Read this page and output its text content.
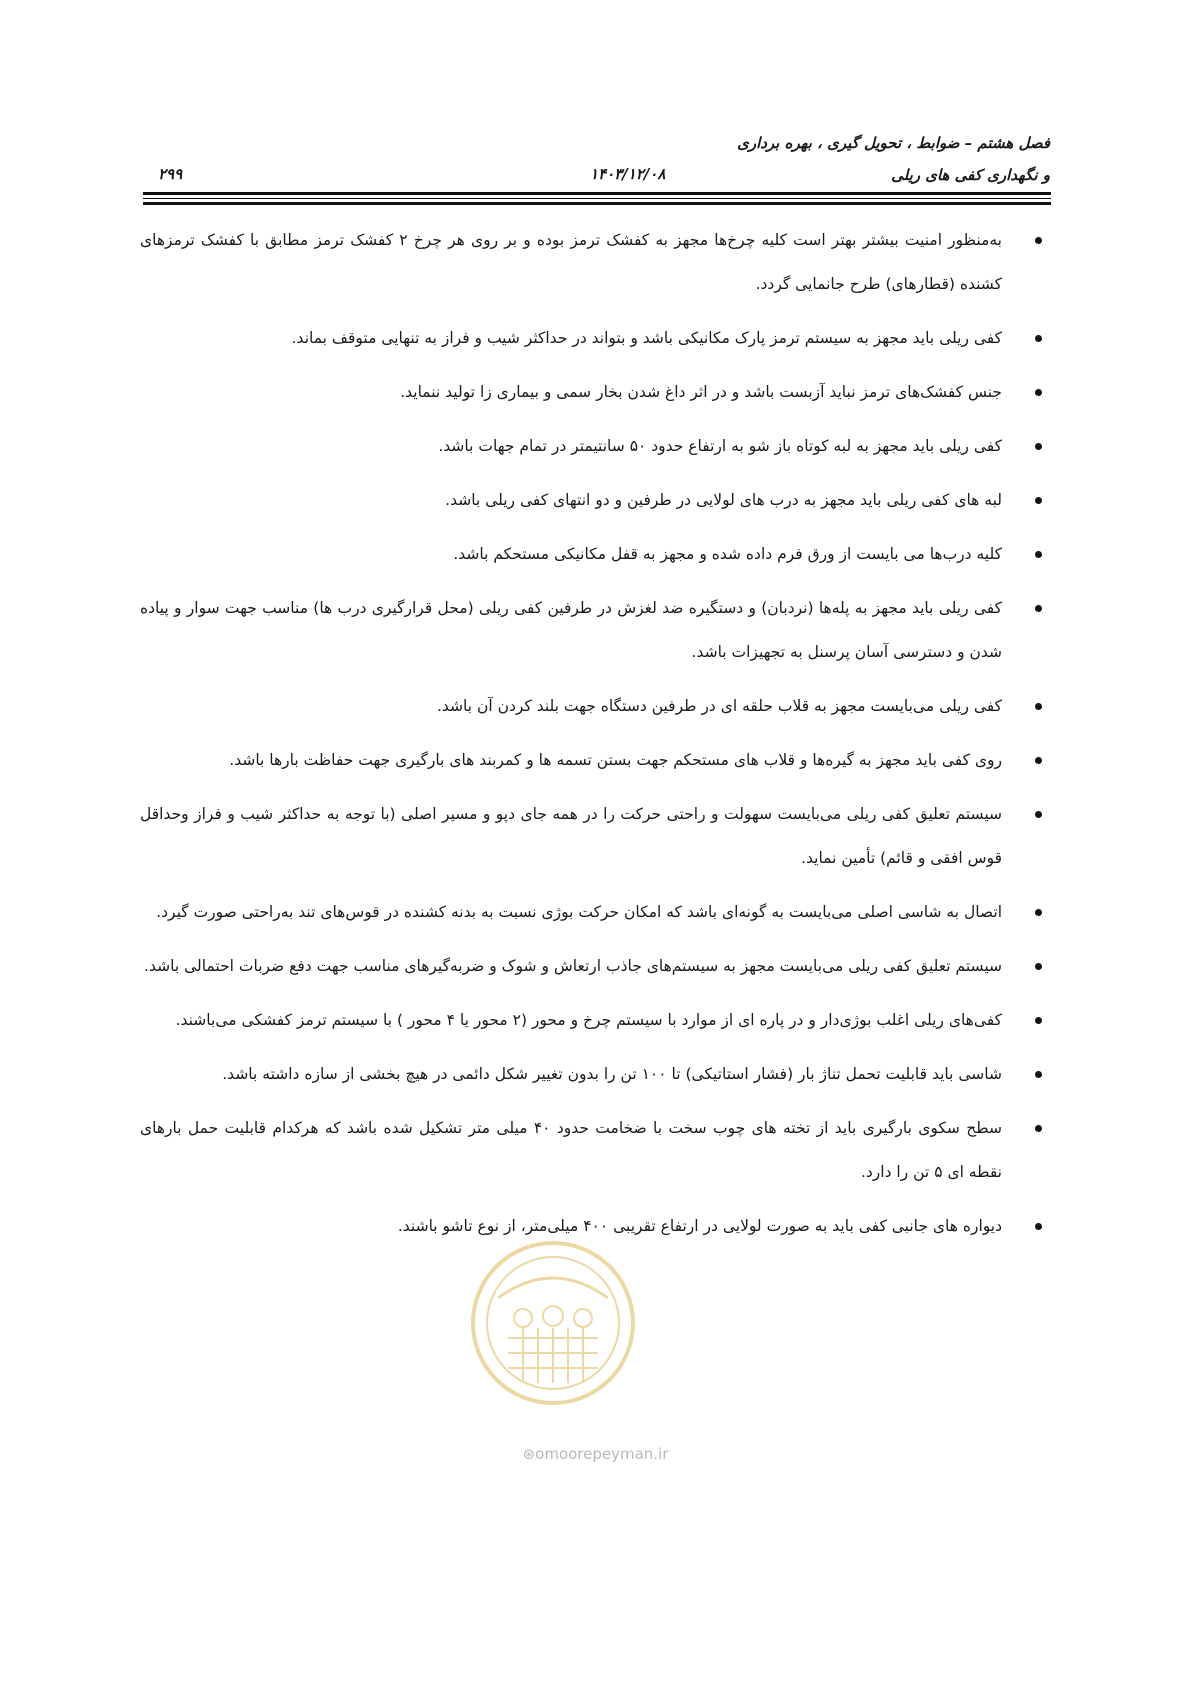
فصل هشتم – ضوابط ، تحویل گیری ، بهره برداری
و نگهداری کفی های ریلی
۱۴۰۳/۱۲/۰۸
۲۹۹
به‌منظور امنیت بیشتر بهتر است کلیه چرخ‌ها مجهز به کفشک ترمز بوده و بر روی هر چرخ ۲ کفشک ترمز مطابق با کفشک ترمزهای کشنده (قطارهای) طرح جانمایی گردد.
کفی ریلی باید مجهز به سیستم ترمز پارک مکانیکی باشد و بتواند در حداکثر شیب و فراز به تنهایی متوقف بماند.
جنس کفشک‌های ترمز نباید آزبست باشد و در اثر داغ شدن بخار سمی و بیماری زا تولید ننماید.
کفی ریلی باید مجهز به لبه کوتاه باز شو به ارتفاع حدود ۵۰ سانتیمتر در تمام جهات باشد.
لبه های کفی ریلی باید مجهز به درب های لولایی در طرفین و دو انتهای کفی ریلی باشد.
کلیه درب‌ها می بایست از ورق فرم داده شده و مجهز به قفل مکانیکی مستحکم باشد.
کفی ریلی باید مجهز به پله‌ها (نردبان) و دستگیره ضد لغزش در طرفین کفی ریلی (محل قرارگیری درب ها) مناسب جهت سوار و پیاده شدن و دسترسی آسان پرسنل به تجهیزات باشد.
کفی ریلی می‌بایست مجهز به قلاب حلقه ای در طرفین دستگاه جهت بلند کردن آن باشد.
روی کفی باید مجهز به گیره‌ها و قلاب های مستحکم جهت بستن تسمه ها و کمربند های بارگیری جهت حفاظت بارها باشد.
سیستم تعلیق کفی ریلی می‌بایست سهولت و راحتی حرکت را در همه جای دپو و مسیر اصلی (با توجه به حداکثر شیب و فراز وحداقل قوس افقی و قائم) تأمین نماید.
اتصال به شاسی اصلی می‌بایست به گونه‌ای باشد که امکان حرکت بوژی نسبت به بدنه کشنده در قوس‌های تند به‌راحتی صورت گیرد.
سیستم تعلیق کفی ریلی می‌بایست مجهز به سیستم‌های جاذب ارتعاش و شوک و ضربه‌گیرهای مناسب جهت دفع ضربات احتمالی باشد.
کفی‌های ریلی اغلب بوژی‌دار و در پاره ای از موارد با سیستم چرخ و محور (۲ محور یا ۴ محور ) با سیستم ترمز کفشکی می‌باشند.
شاسی باید قابلیت تحمل تناژ بار (فشار استاتیکی) تا ۱۰۰ تن را بدون تغییر شکل دائمی در هیچ بخشی از سازه داشته باشد.
سطح سکوی بارگیری باید از تخته های چوب سخت با ضخامت حدود ۴۰ میلی متر تشکیل شده باشد که هرکدام قابلیت حمل بارهای نقطه ای ۵ تن را دارد.
دیواره های جانبی کفی باید به صورت لولایی در ارتفاع تقریبی ۴۰۰ میلی‌متر، از نوع تاشو باشند.
⊛omoorepeyman.ir
